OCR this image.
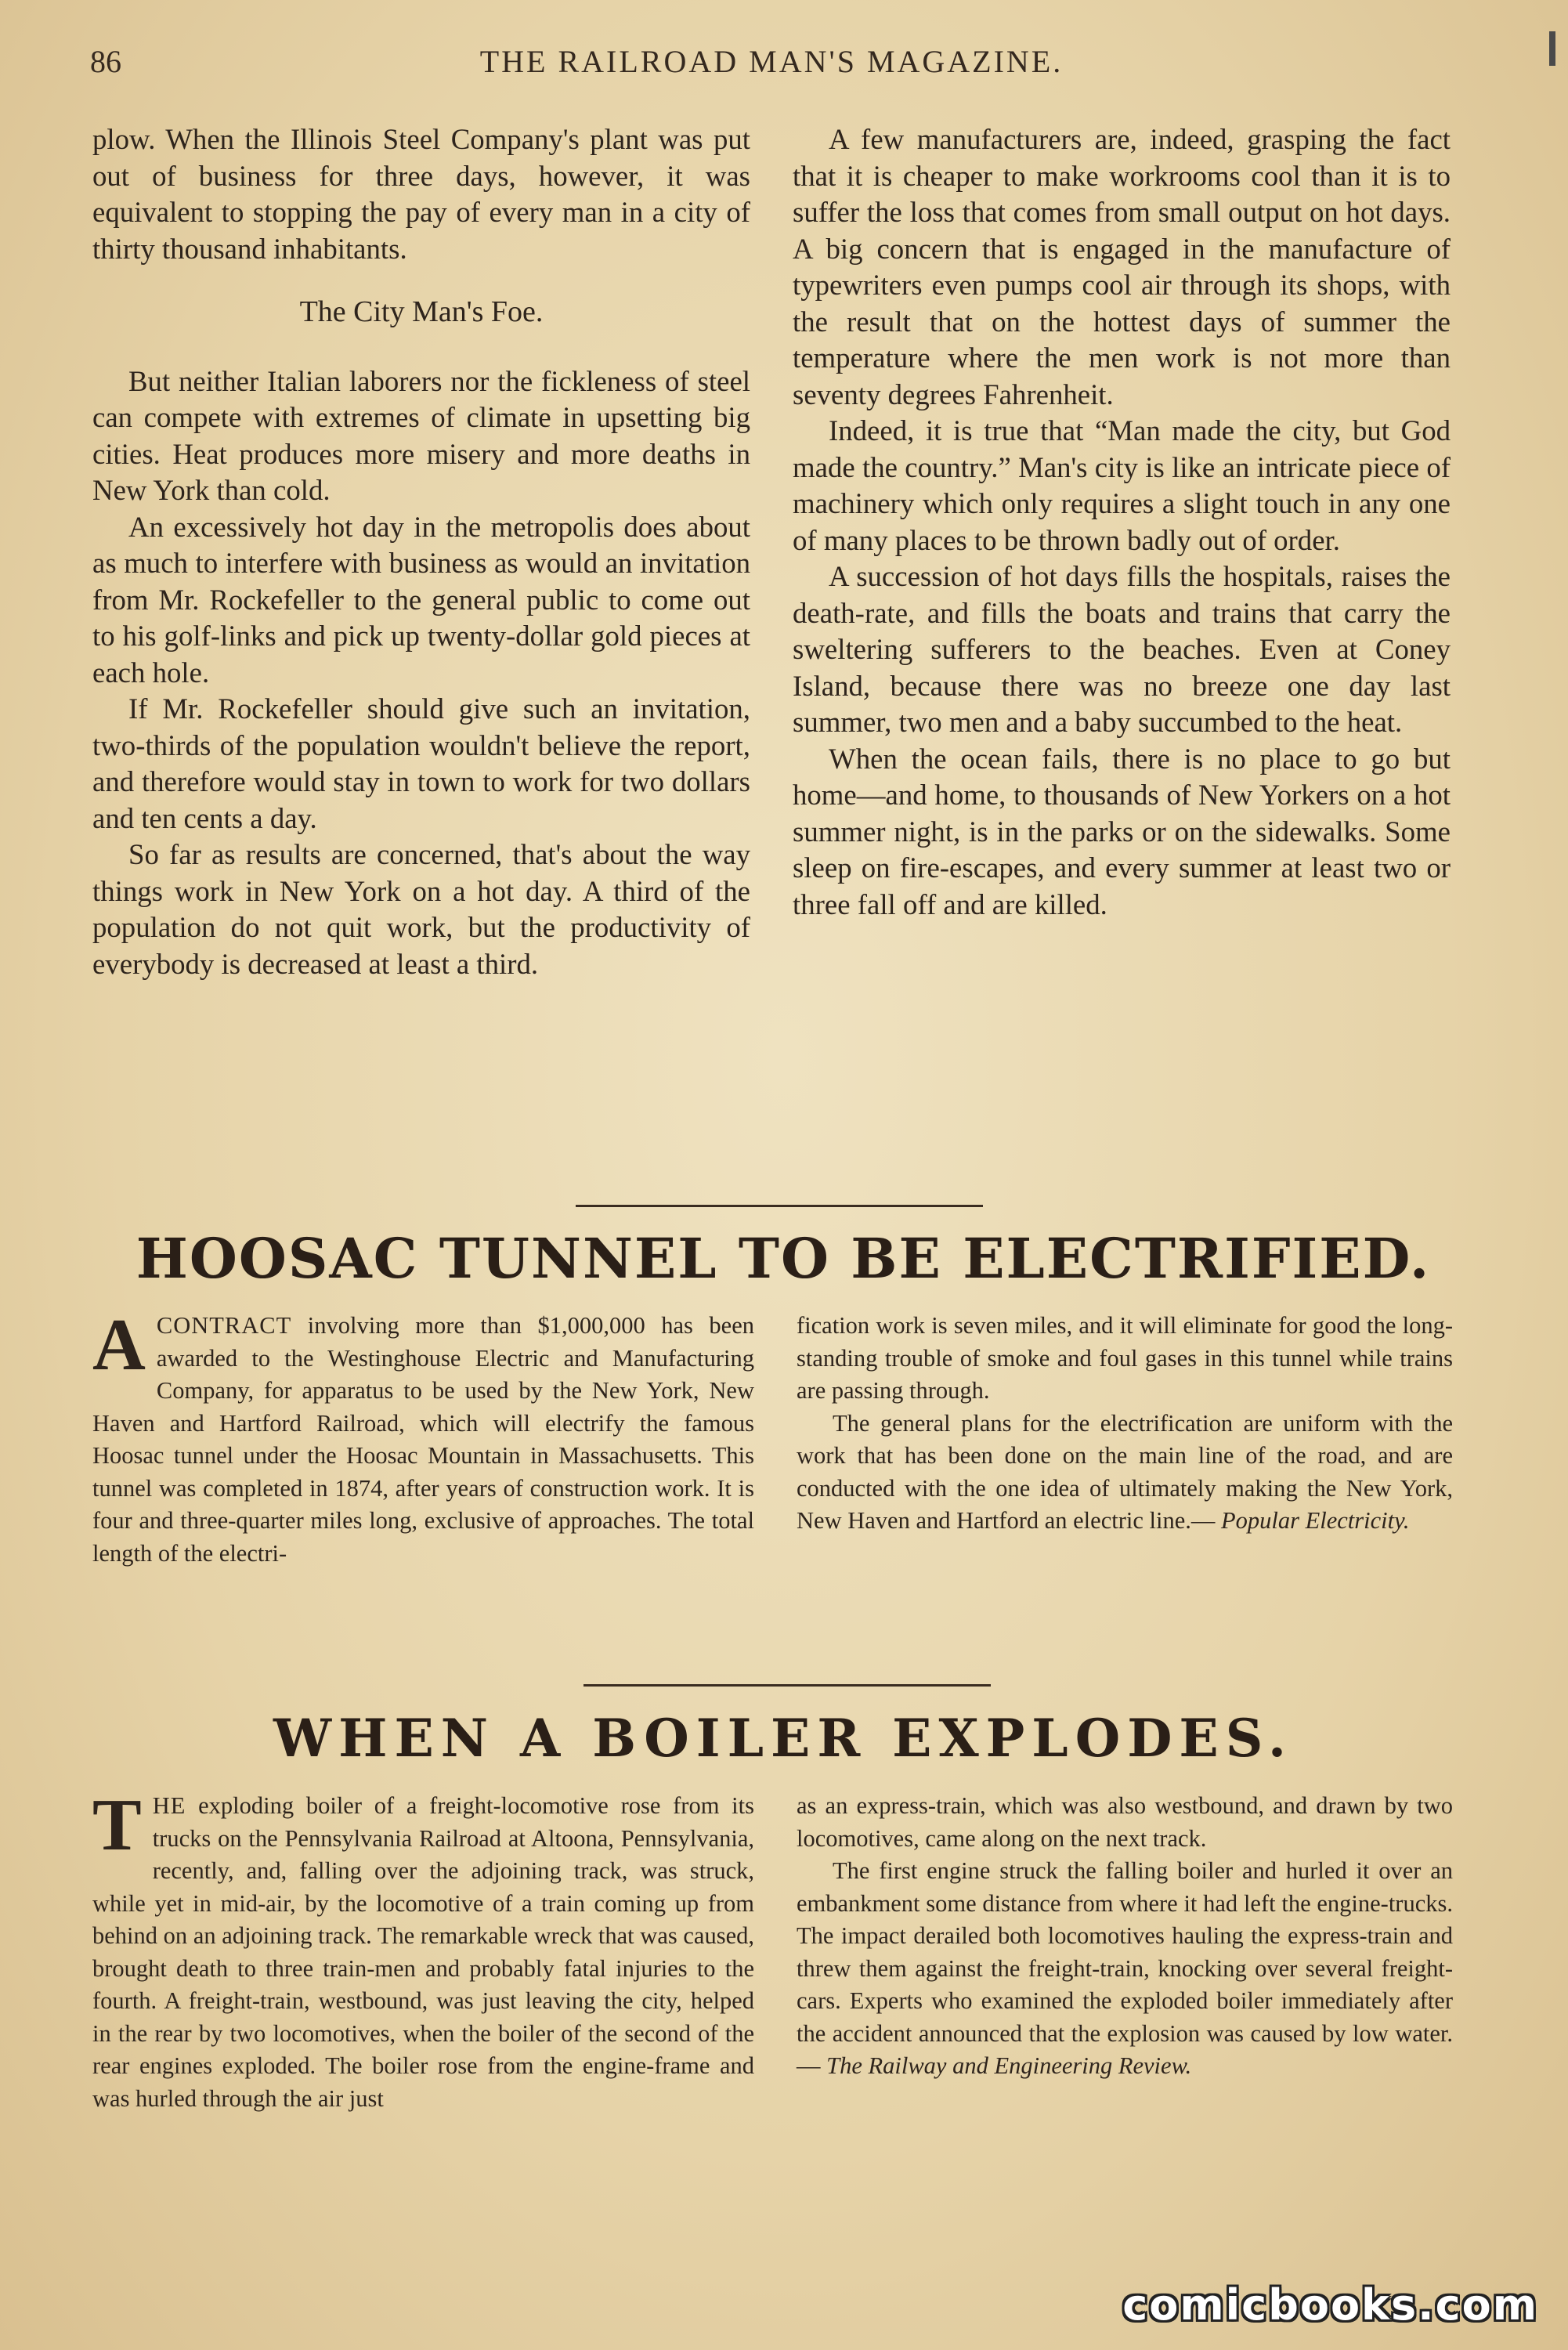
86	THE RAILROAD MAN'S MAGAZINE.

plow. When the Illinois Steel Company's plant was put out of business for three days, however, it was equivalent to stopping the pay of every man in a city of thirty thousand inhabitants.

The City Man's Foe.

But neither Italian laborers nor the fickleness of steel can compete with extremes of climate in upsetting big cities. Heat produces more misery and more deaths in New York than cold.

An excessively hot day in the metropolis does about as much to interfere with business as would an invitation from Mr. Rockefeller to the general public to come out to his golf-links and pick up twenty-dollar gold pieces at each hole.

If Mr. Rockefeller should give such an invitation, two-thirds of the population wouldn't believe the report, and therefore would stay in town to work for two dollars and ten cents a day.

So far as results are concerned, that's about the way things work in New York on a hot day. A third of the population do not quit work, but the productivity of everybody is decreased at least a third.

A few manufacturers are, indeed, grasping the fact that it is cheaper to make workrooms cool than it is to suffer the loss that comes from small output on hot days. A big concern that is engaged in the manufacture of typewriters even pumps cool air through its shops, with the result that on the hottest days of summer the temperature where the men work is not more than seventy degrees Fahrenheit.

Indeed, it is true that “Man made the city, but God made the country.” Man's city is like an intricate piece of machinery which only requires a slight touch in any one of many places to be thrown badly out of order.

A succession of hot days fills the hospitals, raises the death-rate, and fills the boats and trains that carry the sweltering sufferers to the beaches. Even at Coney Island, because there was no breeze one day last summer, two men and a baby succumbed to the heat.

When the ocean fails, there is no place to go but home—and home, to thousands of New Yorkers on a hot summer night, is in the parks or on the sidewalks. Some sleep on fire-escapes, and every summer at least two or three fall off and are killed.

HOOSAC TUNNEL TO BE ELECTRIFIED.

ACONTRACT involving more than $1,000,000 has been awarded to the Westinghouse Electric and Manufacturing Company, for apparatus to be used by the New York, New Haven and Hartford Railroad, which will electrify the famous Hoosac tunnel under the Hoosac Mountain in Massachusetts. This tunnel was completed in 1874, after years of construction work. It is four and three-quarter miles long, exclusive of approaches. The total length of the electri-

fication work is seven miles, and it will eliminate for good the long-standing trouble of smoke and foul gases in this tunnel while trains are passing through.

The general plans for the electrification are uniform with the work that has been done on the main line of the road, and are conducted with the one idea of ultimately making the New York, New Haven and Hartford an electric line.— Popular Electricity.

WHEN A BOILER EXPLODES.

THE exploding boiler of a freight-locomotive rose from its trucks on the Pennsylvania Railroad at Altoona, Pennsylvania, recently, and, falling over the adjoining track, was struck, while yet in mid-air, by the locomotive of a train coming up from behind on an adjoining track. The remarkable wreck that was caused, brought death to three train-men and probably fatal injuries to the fourth. A freight-train, westbound, was just leaving the city, helped in the rear by two locomotives, when the boiler of the second of the rear engines exploded. The boiler rose from the engine-frame and was hurled through the air just

as an express-train, which was also westbound, and drawn by two locomotives, came along on the next track.

The first engine struck the falling boiler and hurled it over an embankment some distance from where it had left the engine-trucks. The impact derailed both locomotives hauling the express-train and threw them against the freight-train, knocking over several freight-cars. Experts who examined the exploded boiler immediately after the accident announced that the explosion was caused by low water.— The Railway and Engineering Review.

comicbooks.com
